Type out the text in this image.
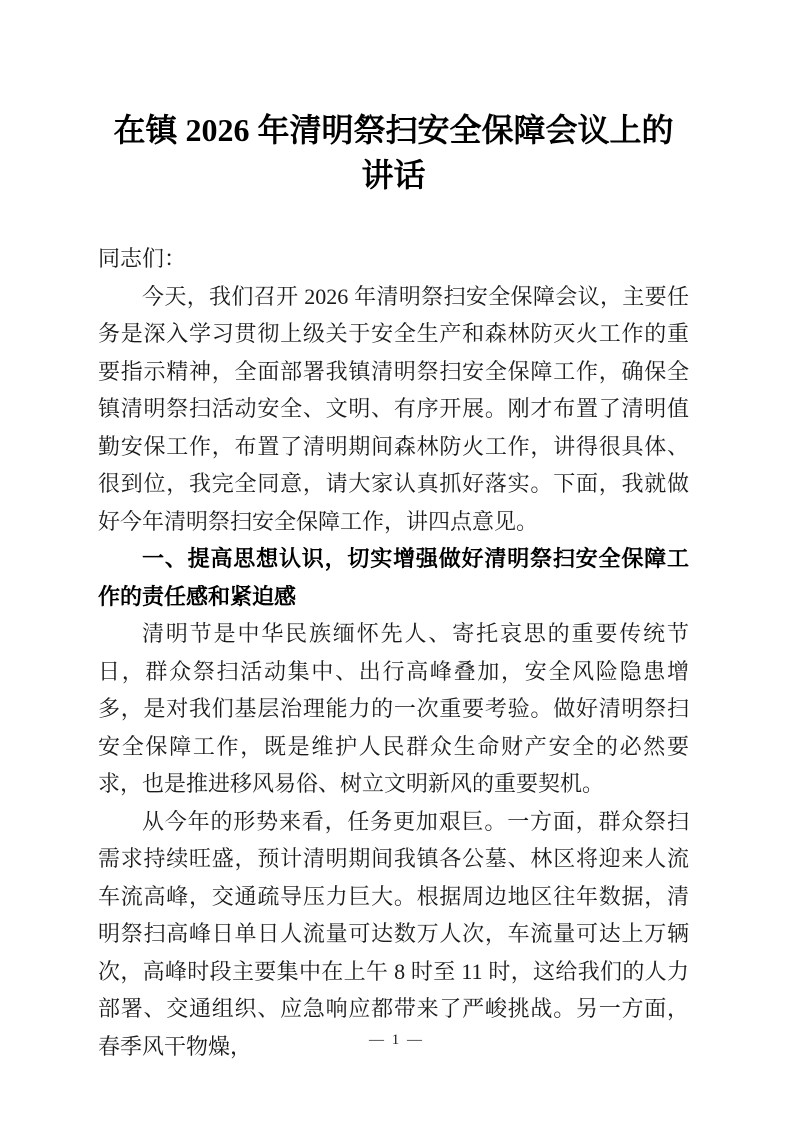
在镇 2026 年清明祭扫安全保障会议上的
讲话

同志们：

今天，我们召开 2026 年清明祭扫安全保障会议，主要任务是深入学习贯彻上级关于安全生产和森林防灭火工作的重要指示精神，全面部署我镇清明祭扫安全保障工作，确保全镇清明祭扫活动安全、文明、有序开展。刚才布置了清明值勤安保工作，布置了清明期间森林防火工作，讲得很具体、很到位，我完全同意，请大家认真抓好落实。下面，我就做好今年清明祭扫安全保障工作，讲四点意见。

一、提高思想认识，切实增强做好清明祭扫安全保障工作的责任感和紧迫感

清明节是中华民族缅怀先人、寄托哀思的重要传统节日，群众祭扫活动集中、出行高峰叠加，安全风险隐患增多，是对我们基层治理能力的一次重要考验。做好清明祭扫安全保障工作，既是维护人民群众生命财产安全的必然要求，也是推进移风易俗、树立文明新风的重要契机。

从今年的形势来看，任务更加艰巨。一方面，群众祭扫需求持续旺盛，预计清明期间我镇各公墓、林区将迎来人流车流高峰，交通疏导压力巨大。根据周边地区往年数据，清明祭扫高峰日单日人流量可达数万人次，车流量可达上万辆次，高峰时段主要集中在上午 8 时至 11 时，这给我们的人力部署、交通组织、应急响应都带来了严峻挑战。另一方面，春季风干物燥，	— 1 —
